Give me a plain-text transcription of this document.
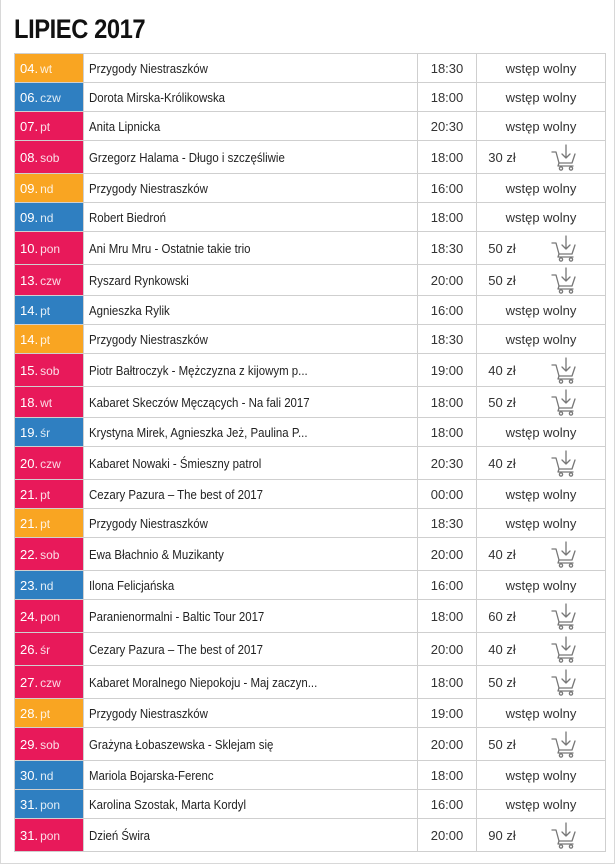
LIPIEC 2017
04. wt	Przygody Niestraszków	18:30	wstęp wolny

06. czw	Dorota Mirska-Królikowska	18:00	wstęp wolny

07. pt	Anita Lipnicka	20:30	wstęp wolny

08. sob	Grzegorz Halama - Długo i szczęśliwie	18:00	30 zł

09. nd	Przygody Niestraszków	16:00	wstęp wolny

09. nd	Robert Biedroń	18:00	wstęp wolny

10. pon	Ani Mru Mru - Ostatnie takie trio	18:30	50 zł

13. czw	Ryszard Rynkowski	20:00	50 zł

14. pt	Agnieszka Rylik	16:00	wstęp wolny

14. pt	Przygody Niestraszków	18:30	wstęp wolny

15. sob	Piotr Bałtroczyk - Mężczyzna z kijowym p...	19:00	40 zł

18. wt	Kabaret Skeczów Męczących - Na fali 2017	18:00	50 zł

19. śr	Krystyna Mirek, Agnieszka Jeż, Paulina P...	18:00	wstęp wolny

20. czw	Kabaret Nowaki - Śmieszny patrol	20:30	40 zł

21. pt	Cezary Pazura – The best of 2017	00:00	wstęp wolny

21. pt	Przygody Niestraszków	18:30	wstęp wolny

22. sob	Ewa Błachnio & Muzikanty	20:00	40 zł

23. nd	Ilona Felicjańska	16:00	wstęp wolny

24. pon	Paranienormalni - Baltic Tour 2017	18:00	60 zł

26. śr	Cezary Pazura – The best of 2017	20:00	40 zł

27. czw	Kabaret Moralnego Niepokoju - Maj zaczyn...	18:00	50 zł

28. pt	Przygody Niestraszków	19:00	wstęp wolny

29. sob	Grażyna Łobaszewska - Sklejam się	20:00	50 zł

30. nd	Mariola Bojarska-Ferenc	18:00	wstęp wolny

31. pon	Karolina Szostak, Marta Kordyl	16:00	wstęp wolny

31. pon	Dzień Świra	20:00	90 zł
